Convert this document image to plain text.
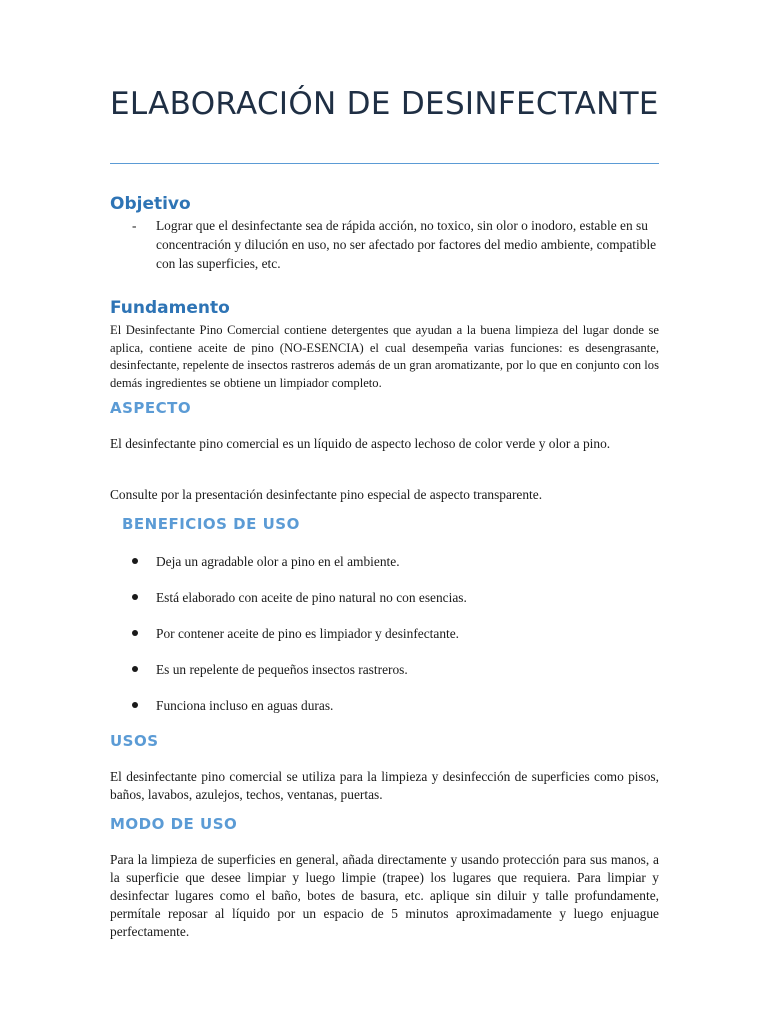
ELABORACIÓN DE DESINFECTANTE
Objetivo
- Lograr que el desinfectante sea de rápida acción, no toxico, sin olor o inodoro, estable en su concentración y dilución en uso, no ser afectado por factores del medio ambiente, compatible con las superficies, etc.
Fundamento

El Desinfectante Pino Comercial contiene detergentes que ayudan a la buena limpieza del lugar donde se aplica, contiene aceite de pino (NO-ESENCIA) el cual desempeña varias funciones: es desengrasante, desinfectante, repelente de insectos rastreros además de un gran aromatizante, por lo que en conjunto con los demás ingredientes se obtiene un limpiador completo.

ASPECTO

El desinfectante pino comercial es un líquido de aspecto lechoso de color verde y olor a pino.

Consulte por la presentación desinfectante pino especial de aspecto transparente.

BENEFICIOS DE USO
Deja un agradable olor a pino en el ambiente.
Está elaborado con aceite de pino natural no con esencias.
Por contener aceite de pino es limpiador y desinfectante.
Es un repelente de pequeños insectos rastreros.
Funciona incluso en aguas duras.
USOS

El desinfectante pino comercial se utiliza para la limpieza y desinfección de superficies como pisos, baños, lavabos, azulejos, techos, ventanas, puertas.

MODO DE USO

Para la limpieza de superficies en general, añada directamente y usando protección para sus manos, a la superficie que desee limpiar y luego limpie (trapee) los lugares que requiera. Para limpiar y desinfectar lugares como el baño, botes de basura, etc. aplique sin diluir y talle profundamente, permítale reposar al líquido por un espacio de 5 minutos aproximadamente y luego enjuague perfectamente.
